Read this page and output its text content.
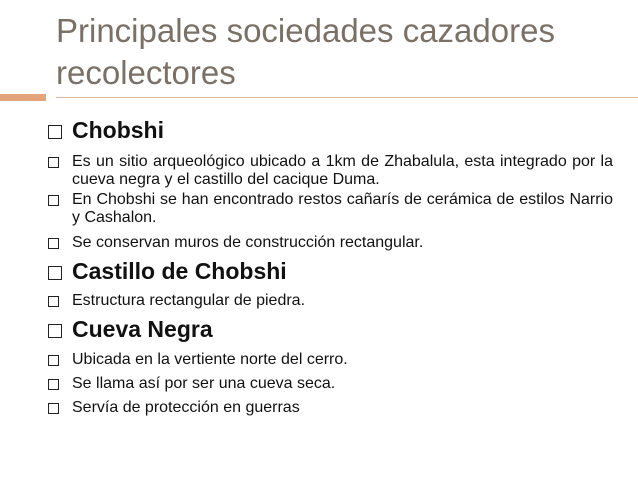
Principales sociedades cazadores recolectores
Chobshi
Es un sitio arqueológico ubicado a 1km de Zhabalula, esta integrado por la cueva negra y el castillo del cacique Duma.
En Chobshi se han encontrado restos cañarís de cerámica de estilos Narrio y Cashalon.
Se conservan muros de construcción rectangular.
Castillo de Chobshi
Estructura rectangular de piedra.
Cueva Negra
Ubicada en la vertiente norte del cerro.
Se llama así por ser una cueva seca.
Servía de protección en guerras
